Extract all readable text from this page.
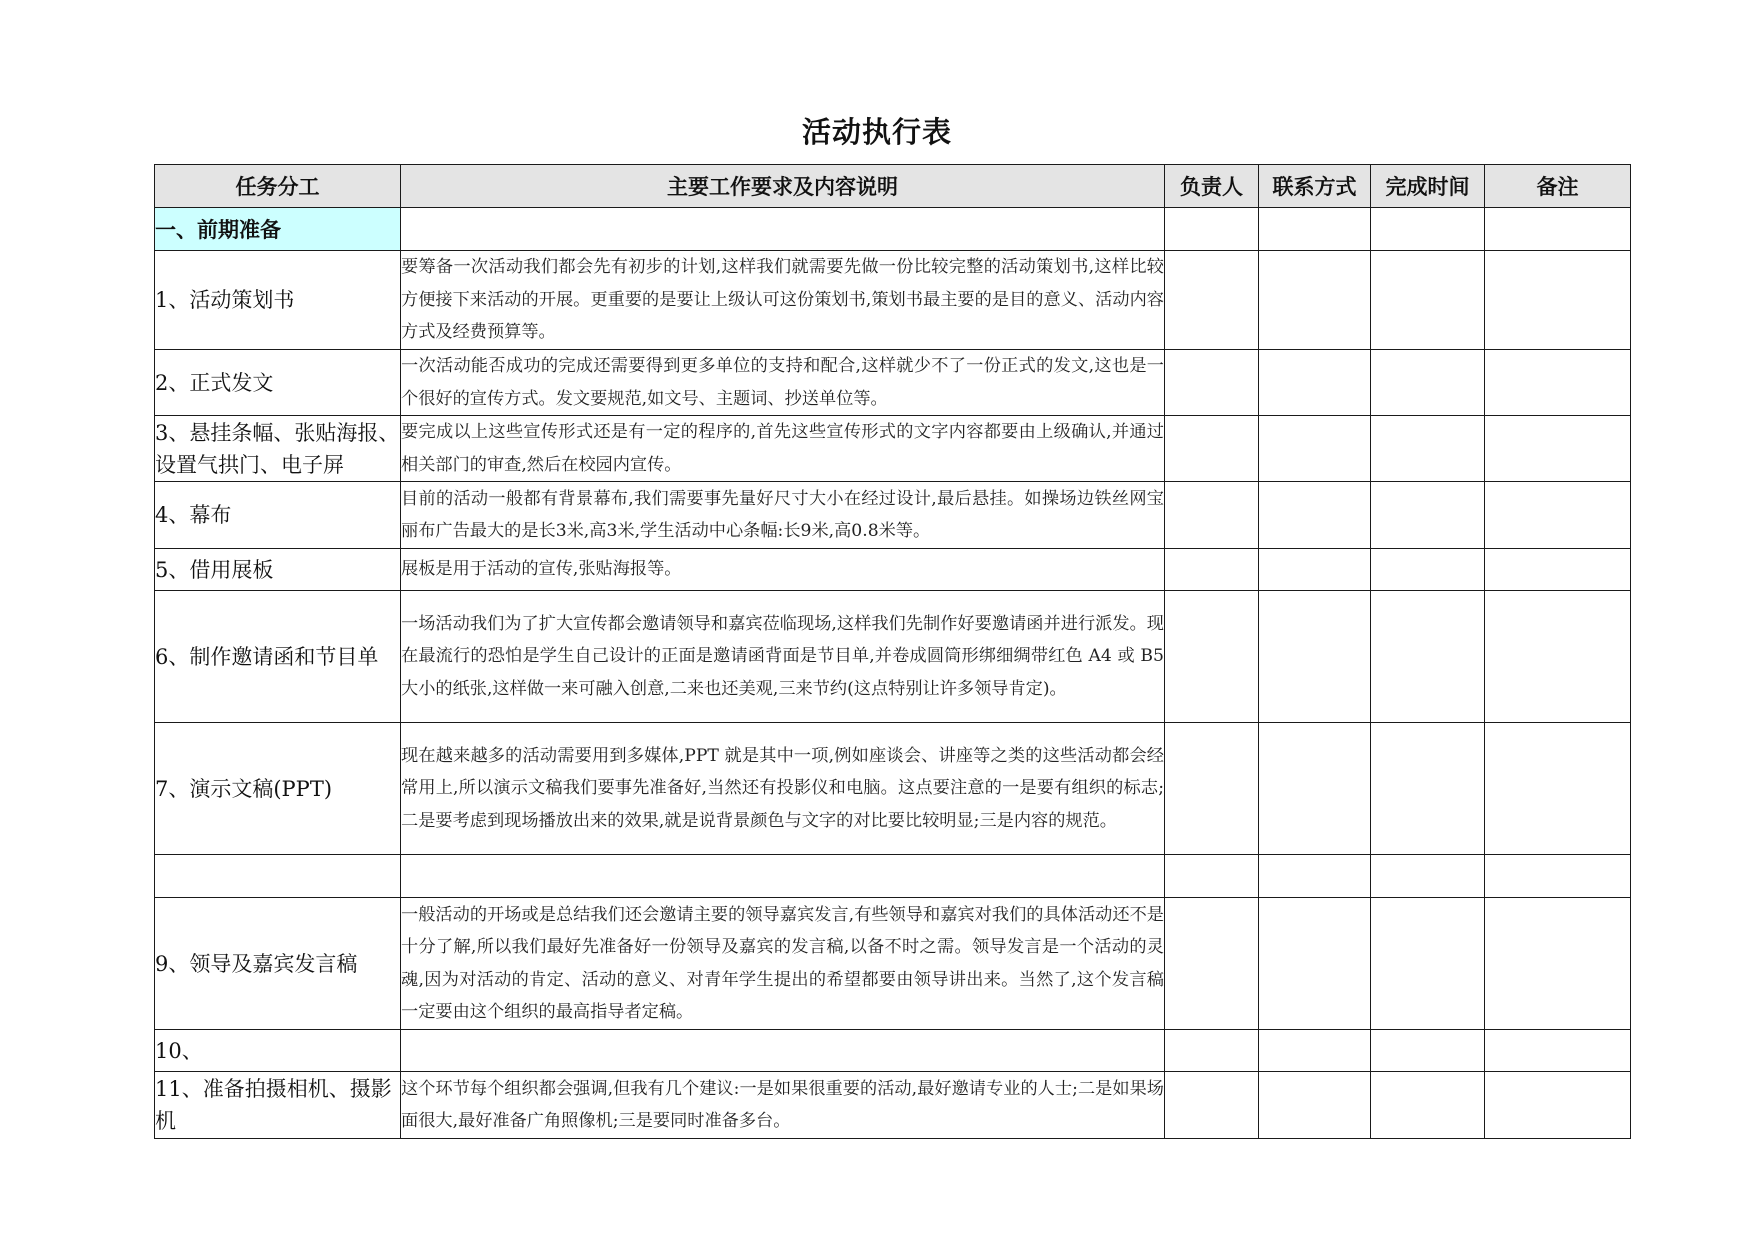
活动执行表
任务分工	主要工作要求及内容说明	负责人	联系方式	完成时间	备注
一、前期准备					
1、活动策划书	要筹备一次活动我们都会先有初步的计划,这样我们就需要先做一份比较完整的活动策划书,这样比较方便接下来活动的开展。更重要的是要让上级认可这份策划书,策划书最主要的是目的意义、活动内容方式及经费预算等。				
2、正式发文	一次活动能否成功的完成还需要得到更多单位的支持和配合,这样就少不了一份正式的发文,这也是一个很好的宣传方式。发文要规范,如文号、主题词、抄送单位等。				
3、悬挂条幅、张贴海报、设置气拱门、电子屏	要完成以上这些宣传形式还是有一定的程序的,首先这些宣传形式的文字内容都要由上级确认,并通过相关部门的审查,然后在校园内宣传。				
4、幕布	目前的活动一般都有背景幕布,我们需要事先量好尺寸大小在经过设计,最后悬挂。如操场边铁丝网宝丽布广告最大的是长3米,高3米,学生活动中心条幅:长9米,高0.8米等。				
5、借用展板	展板是用于活动的宣传,张贴海报等。				
6、制作邀请函和节目单	一场活动我们为了扩大宣传都会邀请领导和嘉宾莅临现场,这样我们先制作好要邀请函并进行派发。现在最流行的恐怕是学生自己设计的正面是邀请函背面是节目单,并卷成圆筒形绑细绸带红色 A4 或 B5 大小的纸张,这样做一来可融入创意,二来也还美观,三来节约(这点特别让许多领导肯定)。				
7、演示文稿(PPT)	现在越来越多的活动需要用到多媒体,PPT 就是其中一项,例如座谈会、讲座等之类的这些活动都会经常用上,所以演示文稿我们要事先准备好,当然还有投影仪和电脑。这点要注意的一是要有组织的标志;二是要考虑到现场播放出来的效果,就是说背景颜色与文字的对比要比较明显;三是内容的规范。				

9、领导及嘉宾发言稿	一般活动的开场或是总结我们还会邀请主要的领导嘉宾发言,有些领导和嘉宾对我们的具体活动还不是十分了解,所以我们最好先准备好一份领导及嘉宾的发言稿,以备不时之需。领导发言是一个活动的灵魂,因为对活动的肯定、活动的意义、对青年学生提出的希望都要由领导讲出来。当然了,这个发言稿一定要由这个组织的最高指导者定稿。				
10、					
11、准备拍摄相机、摄影机	这个环节每个组织都会强调,但我有几个建议:一是如果很重要的活动,最好邀请专业的人士;二是如果场面很大,最好准备广角照像机;三是要同时准备多台。				
